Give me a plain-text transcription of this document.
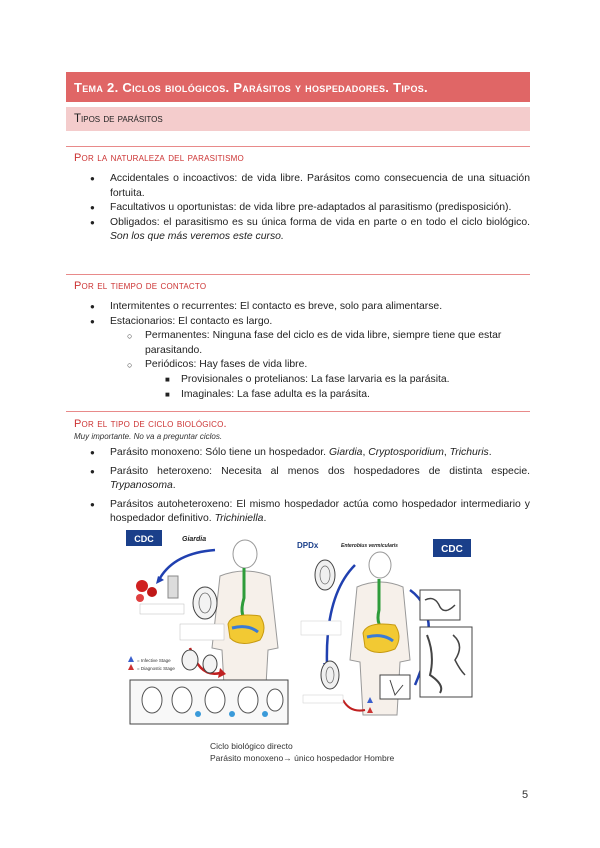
Tema 2. Ciclos biológicos. Parásitos y hospedadores. Tipos.
Tipos de parásitos
Por la naturaleza del parasitismo
● Accidentales o incoactivos: de vida libre. Parásitos como consecuencia de una situación fortuita.
● Facultativos u oportunistas: de vida libre pre-adaptados al parasitismo (predisposición).
● Obligados: el parasitismo es su única forma de vida en parte o en todo el ciclo biológico. Son los que más veremos este curso.
Por el tiempo de contacto
● Intermitentes o recurrentes: El contacto es breve, solo para alimentarse.
● Estacionarios: El contacto es largo.
○ Permanentes: Ninguna fase del ciclo es de vida libre, siempre tiene que estar parasitando.
○ Periódicos: Hay fases de vida libre.
■ Provisionales o protelianos: La fase larvaria es la parásita.
■ Imaginales: La fase adulta es la parásita.
Por el tipo de ciclo biológico.
Muy importante. No va a preguntar ciclos.
● Parásito monoxeno: Sólo tiene un hospedador. Giardia, Cryptosporidium, Trichuris.
● Parásito heteroxeno: Necesita al menos dos hospedadores de distinta especie. Trypanosoma.
● Parásitos autoheteroxeno: El mismo hospedador actúa como hospedador intermediario y hospedador definitivo. Trichiniella.
CDC	Giardia
= Infective Stage
= Diagnostic Stage
DPDx	Enterobius vermicularis	CDC
Ciclo biológico directo
Parásito monoxeno→ único hospedador Hombre
5
